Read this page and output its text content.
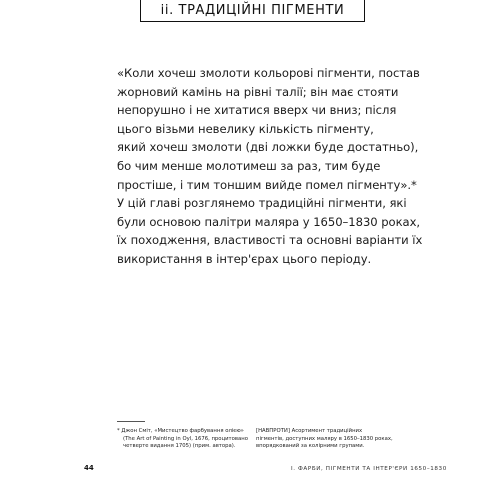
ii. ТРАДИЦІЙНІ ПІГМЕНТИ
«Коли хочеш змолоти кольорові пігменти, постав
жорновий камінь на рівні талії; він має стояти
непорушно і не хитатися вверх чи вниз; після
цього візьми невелику кількість пігменту,
який хочеш змолоти (дві ложки буде достатньо),
бо чим менше молотимеш за раз, тим буде
простіше, і тим тоншим вийде помел пігменту».*
У цій главі розглянемо традиційні пігменти, які
були основою палітри маляра у 1650–1830 роках,
їх походження, властивості та основні варіанти їх
використання в інтер'єрах цього періоду.
* Джон Сміт, «Мистецтво фарбування олією»
(The Art of Painting in Oyl, 1676, процитовано
четверте видання 1705) (прим. автора).
[НАВПРОТИ] Асортимент традиційних
пігментів, доступних маляру в 1650–1830 роках,
впорядкований за колірними групами.
44	І. ФАРБИ, ПІГМЕНТИ ТА ІНТЕР'ЄРИ 1650–1830
